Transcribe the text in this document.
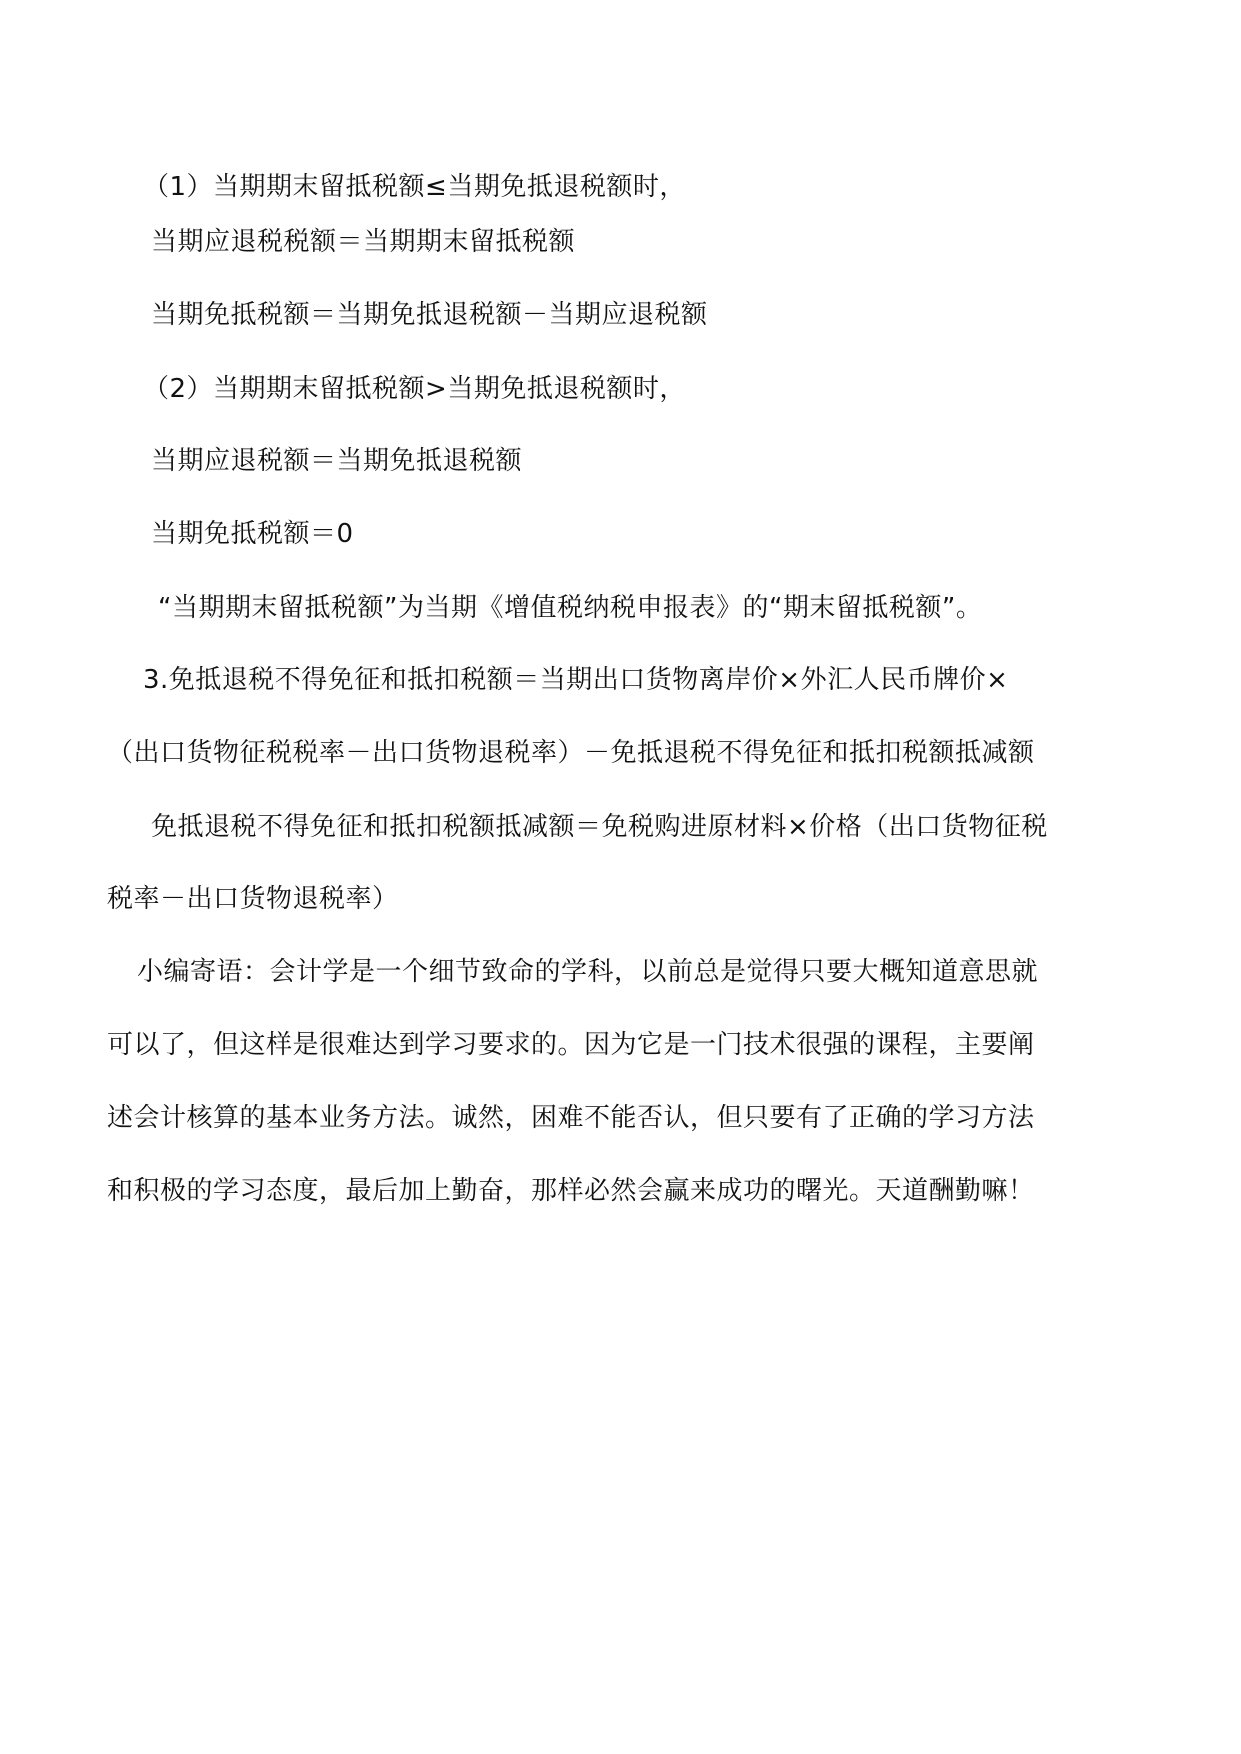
（1）当期期末留抵税额≤当期免抵退税额时，
当期应退税税额＝当期期末留抵税额
当期免抵税额＝当期免抵退税额－当期应退税额
（2）当期期末留抵税额>当期免抵退税额时，
当期应退税额＝当期免抵退税额
当期免抵税额＝0
“当期期末留抵税额”为当期《增值税纳税申报表》的“期末留抵税额”。
3.免抵退税不得免征和抵扣税额＝当期出口货物离岸价×外汇人民币牌价×
（出口货物征税税率－出口货物退税率）－免抵退税不得免征和抵扣税额抵减额
免抵退税不得免征和抵扣税额抵减额＝免税购进原材料×价格（出口货物征税
税率－出口货物退税率）
小编寄语：会计学是一个细节致命的学科，以前总是觉得只要大概知道意思就
可以了，但这样是很难达到学习要求的。因为它是一门技术很强的课程，主要阐
述会计核算的基本业务方法。诚然，困难不能否认，但只要有了正确的学习方法
和积极的学习态度，最后加上勤奋，那样必然会赢来成功的曙光。天道酬勤嘛！
